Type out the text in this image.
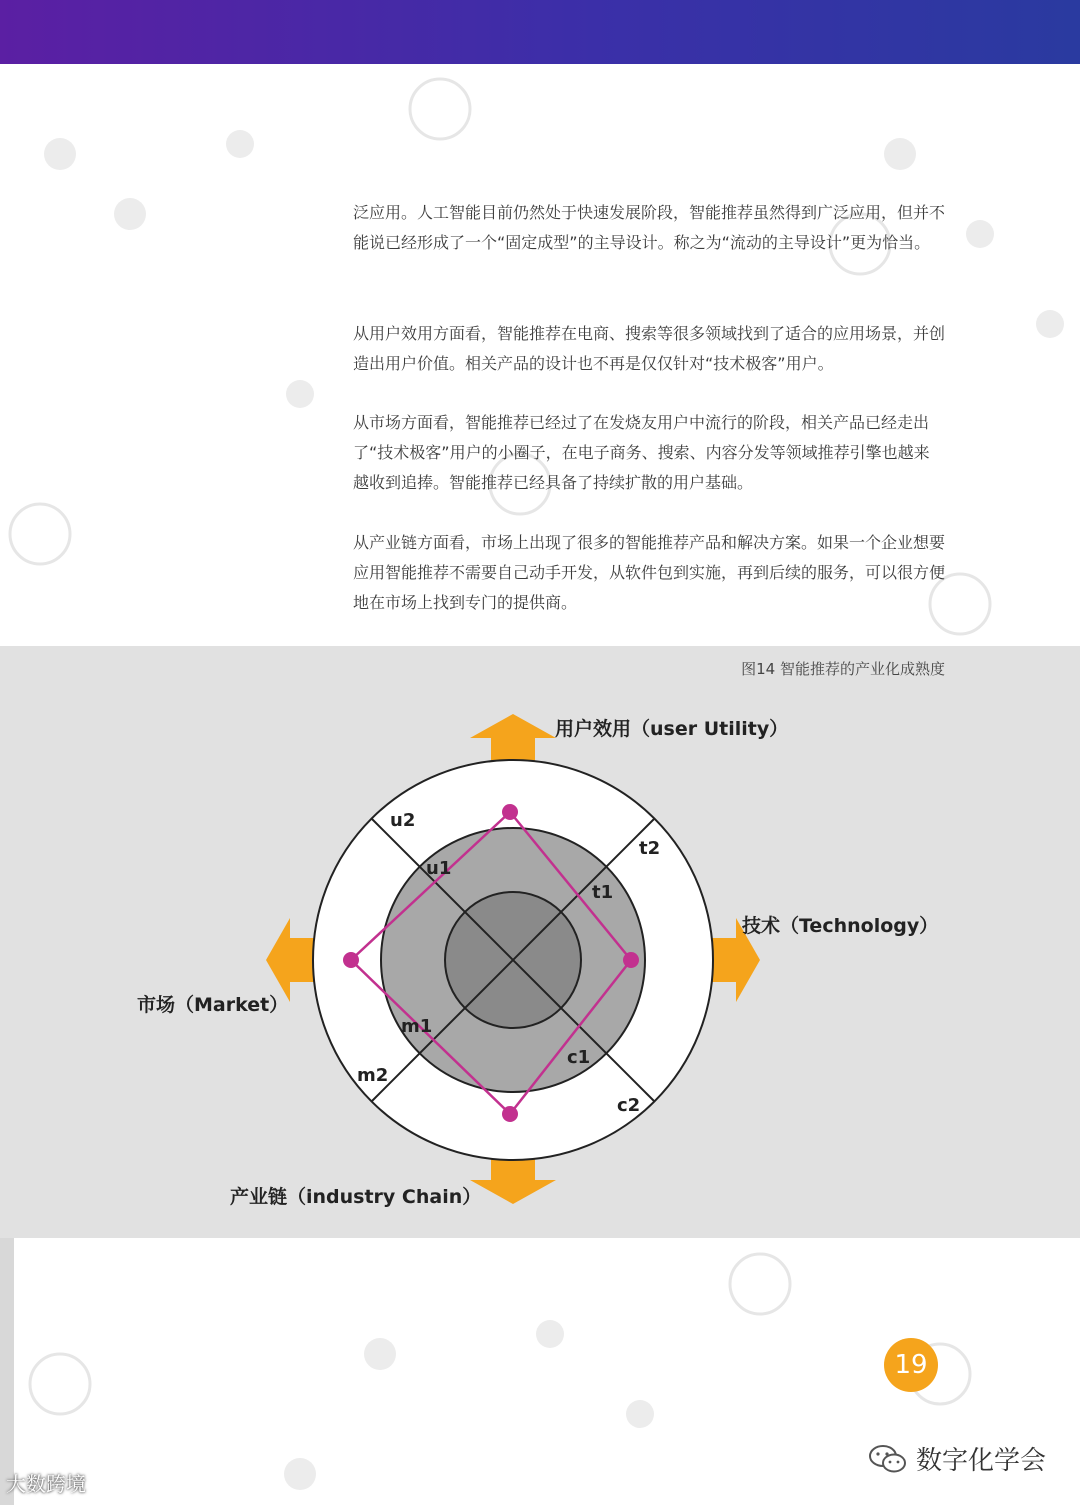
泛应用。人工智能目前仍然处于快速发展阶段，智能推荐虽然得到广泛应用，但并不能说已经形成了一个“固定成型”的主导设计。称之为“流动的主导设计”更为恰当。

从用户效用方面看，智能推荐在电商、搜索等很多领域找到了适合的应用场景，并创造出用户价值。相关产品的设计也不再是仅仅针对“技术极客”用户。

从市场方面看，智能推荐已经过了在发烧友用户中流行的阶段，相关产品已经走出了“技术极客”用户的小圈子，在电子商务、搜索、内容分发等领域推荐引擎也越来越收到追捧。智能推荐已经具备了持续扩散的用户基础。

从产业链方面看，市场上出现了很多的智能推荐产品和解决方案。如果一个企业想要应用智能推荐不需要自己动手开发，从软件包到实施，再到后续的服务，可以很方便地在市场上找到专门的提供商。

图14 智能推荐的产业化成熟度
u2
u1
t2
t1
m1
m2
c1
c2
用户效用（user Utility）
技术（Technology）
市场（Market）
产业链（industry Chain）
19
大数跨境
数字化学会
